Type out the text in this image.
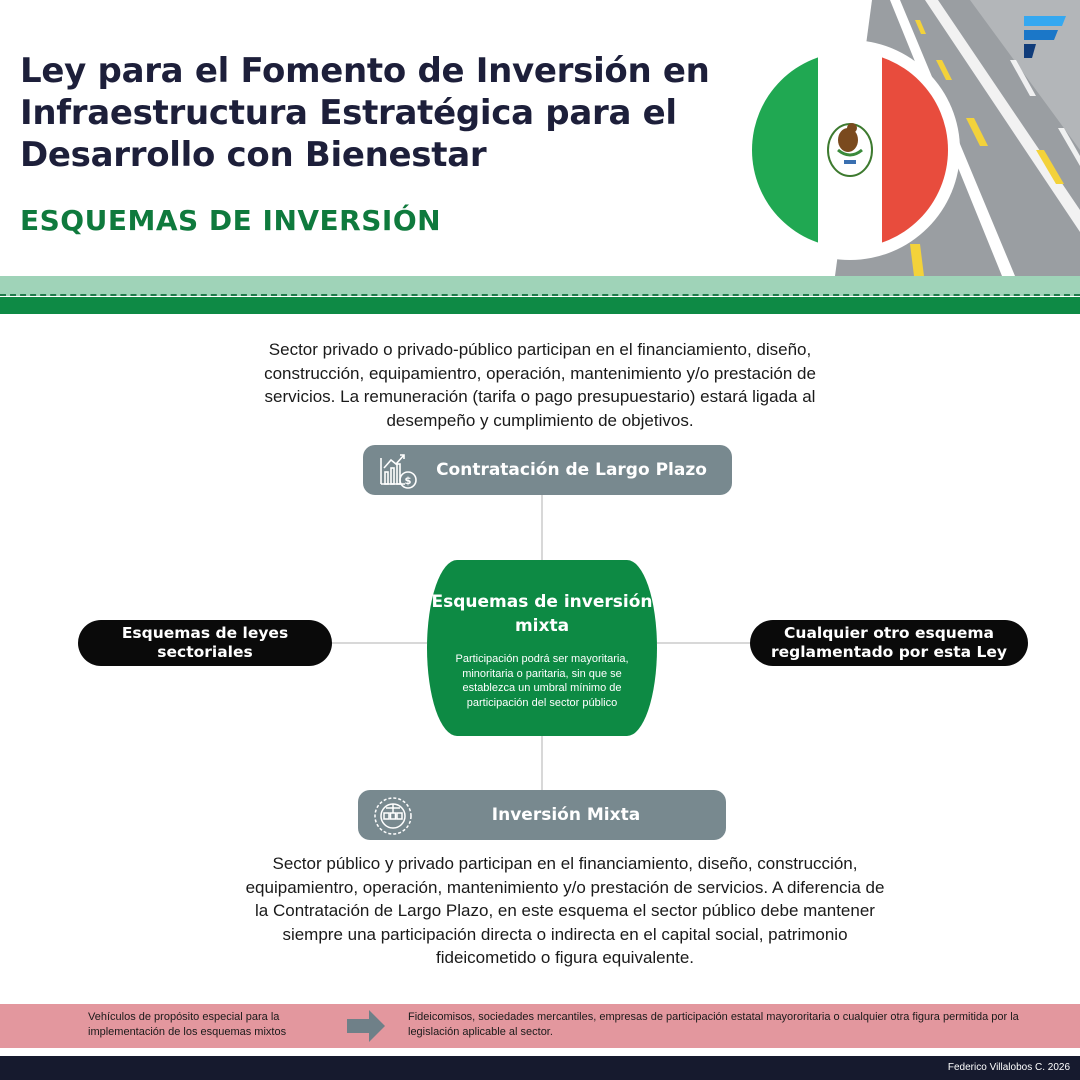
Ley para el Fomento de Inversión en Infraestructura Estratégica para el Desarrollo con Bienestar
ESQUEMAS DE INVERSIÓN
Sector privado o privado-público participan en el financiamiento, diseño, construcción, equipamientro, operación, mantenimiento y/o prestación de servicios. La remuneración (tarifa o pago presupuestario) estará ligada al desempeño y cumplimiento de objetivos.
$
Contratación de Largo Plazo
Esquemas de leyes sectoriales
Cualquier otro esquema reglamentado por esta Ley
Esquemas de inversión mixta
Participación podrá ser mayoritaria, minoritaria o paritaria, sin que se establezca un umbral mínimo de participación del sector público
Inversión Mixta
Sector público y privado participan en el financiamiento, diseño, construcción, equipamientro, operación, mantenimiento y/o prestación de servicios. A diferencia de la Contratación de Largo Plazo, en este esquema el sector público debe mantener siempre una participación directa o indirecta en el capital social, patrimonio fideicometido o figura equivalente.
Vehículos de propósito especial para la implementación de los esquemas mixtos
Fideicomisos, sociedades mercantiles, empresas de participación estatal mayororitaria o cualquier otra figura permitida por la legislación aplicable al sector.
Federico Villalobos C. 2026
